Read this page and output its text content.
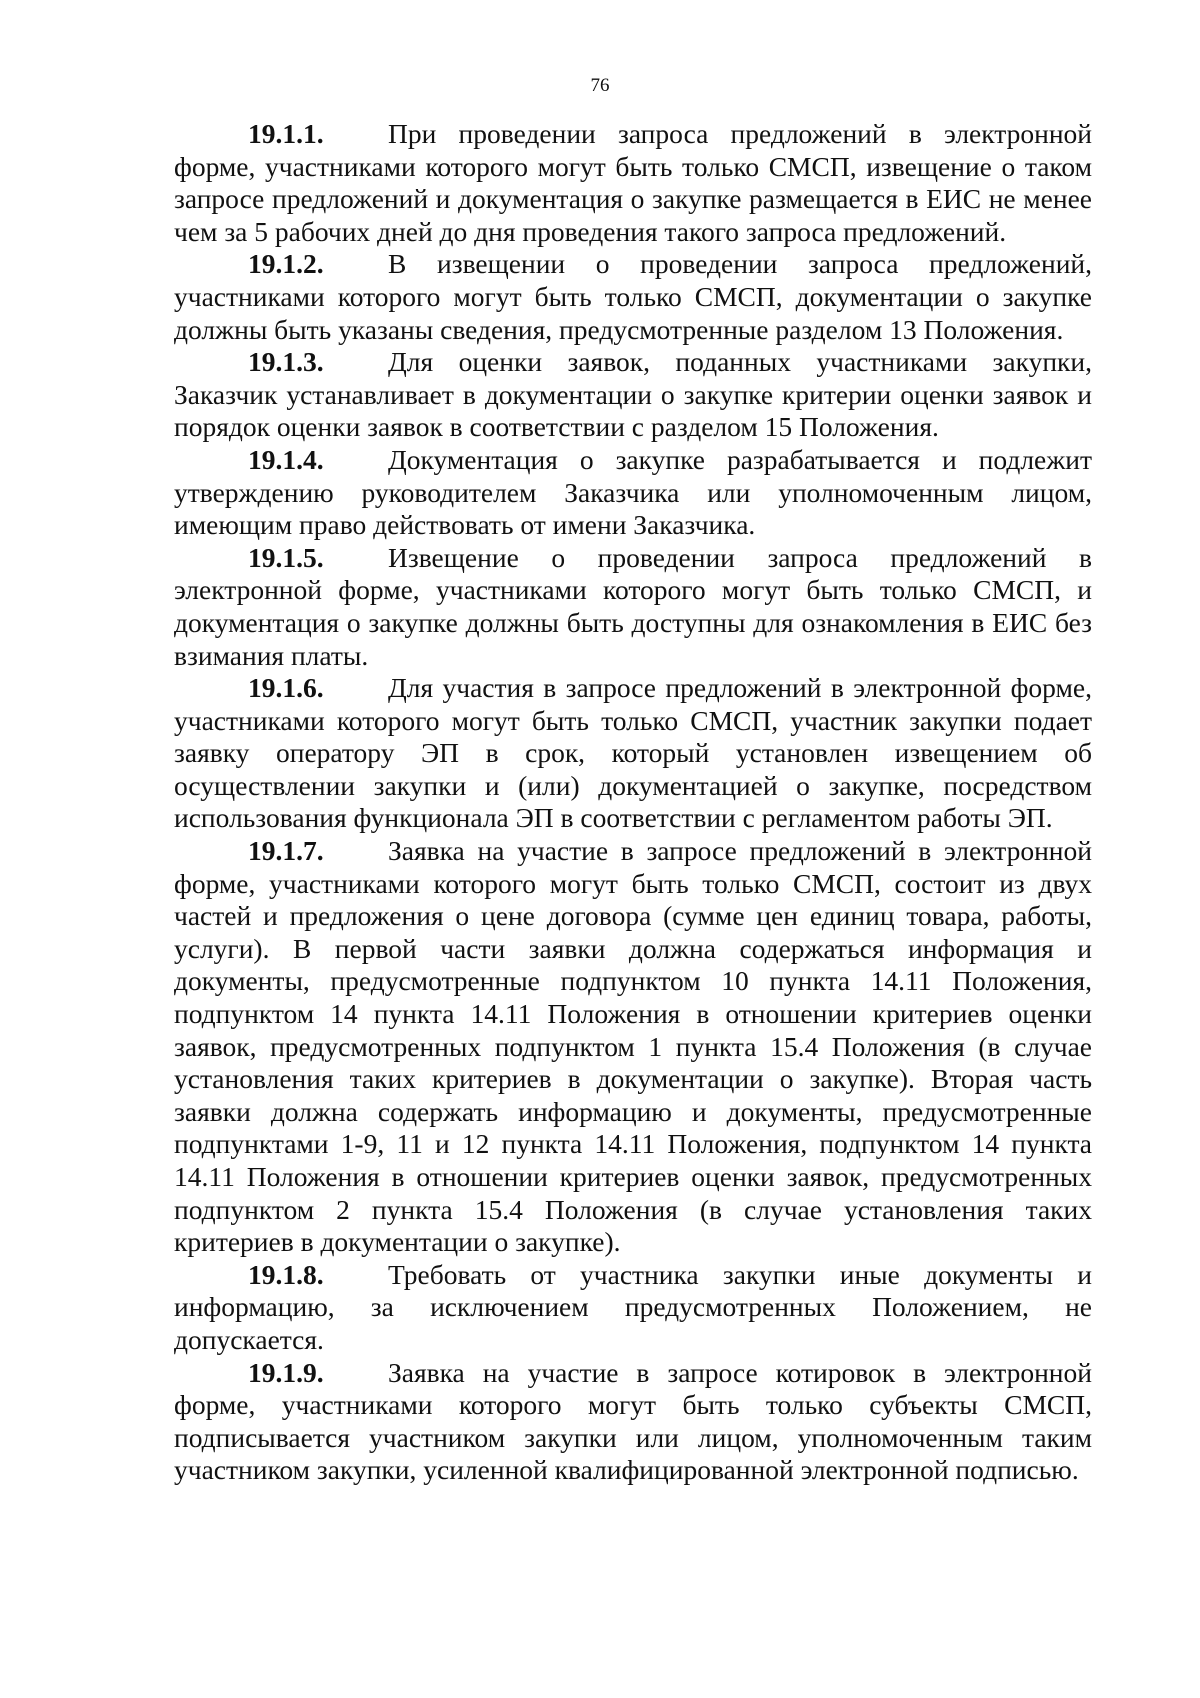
76

19.1.1. При проведении запроса предложений в электронной форме, участниками которого могут быть только СМСП, извещение о таком запросе предложений и документация о закупке размещается в ЕИС не менее чем за 5 рабочих дней до дня проведения такого запроса предложений.

19.1.2. В извещении о проведении запроса предложений, участниками которого могут быть только СМСП, документации о закупке должны быть указаны сведения, предусмотренные разделом 13 Положения.

19.1.3. Для оценки заявок, поданных участниками закупки, Заказчик устанавливает в документации о закупке критерии оценки заявок и порядок оценки заявок в соответствии с разделом 15 Положения.

19.1.4. Документация о закупке разрабатывается и подлежит утверждению руководителем Заказчика или уполномоченным лицом, имеющим право действовать от имени Заказчика.

19.1.5. Извещение о проведении запроса предложений в электронной форме, участниками которого могут быть только СМСП, и документация о закупке должны быть доступны для ознакомления в ЕИС без взимания платы.

19.1.6. Для участия в запросе предложений в электронной форме, участниками которого могут быть только СМСП, участник закупки подает заявку оператору ЭП в срок, который установлен извещением об осуществлении закупки и (или) документацией о закупке, посредством использования функционала ЭП в соответствии с регламентом работы ЭП.

19.1.7. Заявка на участие в запросе предложений в электронной форме, участниками которого могут быть только СМСП, состоит из двух частей и предложения о цене договора (сумме цен единиц товара, работы, услуги). В первой части заявки должна содержаться информация и документы, предусмотренные подпунктом 10 пункта 14.11 Положения, подпунктом 14 пункта 14.11 Положения в отношении критериев оценки заявок, предусмотренных подпунктом 1 пункта 15.4 Положения (в случае установления таких критериев в документации о закупке). Вторая часть заявки должна содержать информацию и документы, предусмотренные подпунктами 1-9, 11 и 12 пункта 14.11 Положения, подпунктом 14 пункта 14.11 Положения в отношении критериев оценки заявок, предусмотренных подпунктом 2 пункта 15.4 Положения (в случае установления таких критериев в документации о закупке).

19.1.8. Требовать от участника закупки иные документы и информацию, за исключением предусмотренных Положением, не допускается.

19.1.9. Заявка на участие в запросе котировок в электронной форме, участниками которого могут быть только субъекты СМСП, подписывается участником закупки или лицом, уполномоченным таким участником закупки, усиленной квалифицированной электронной подписью.
